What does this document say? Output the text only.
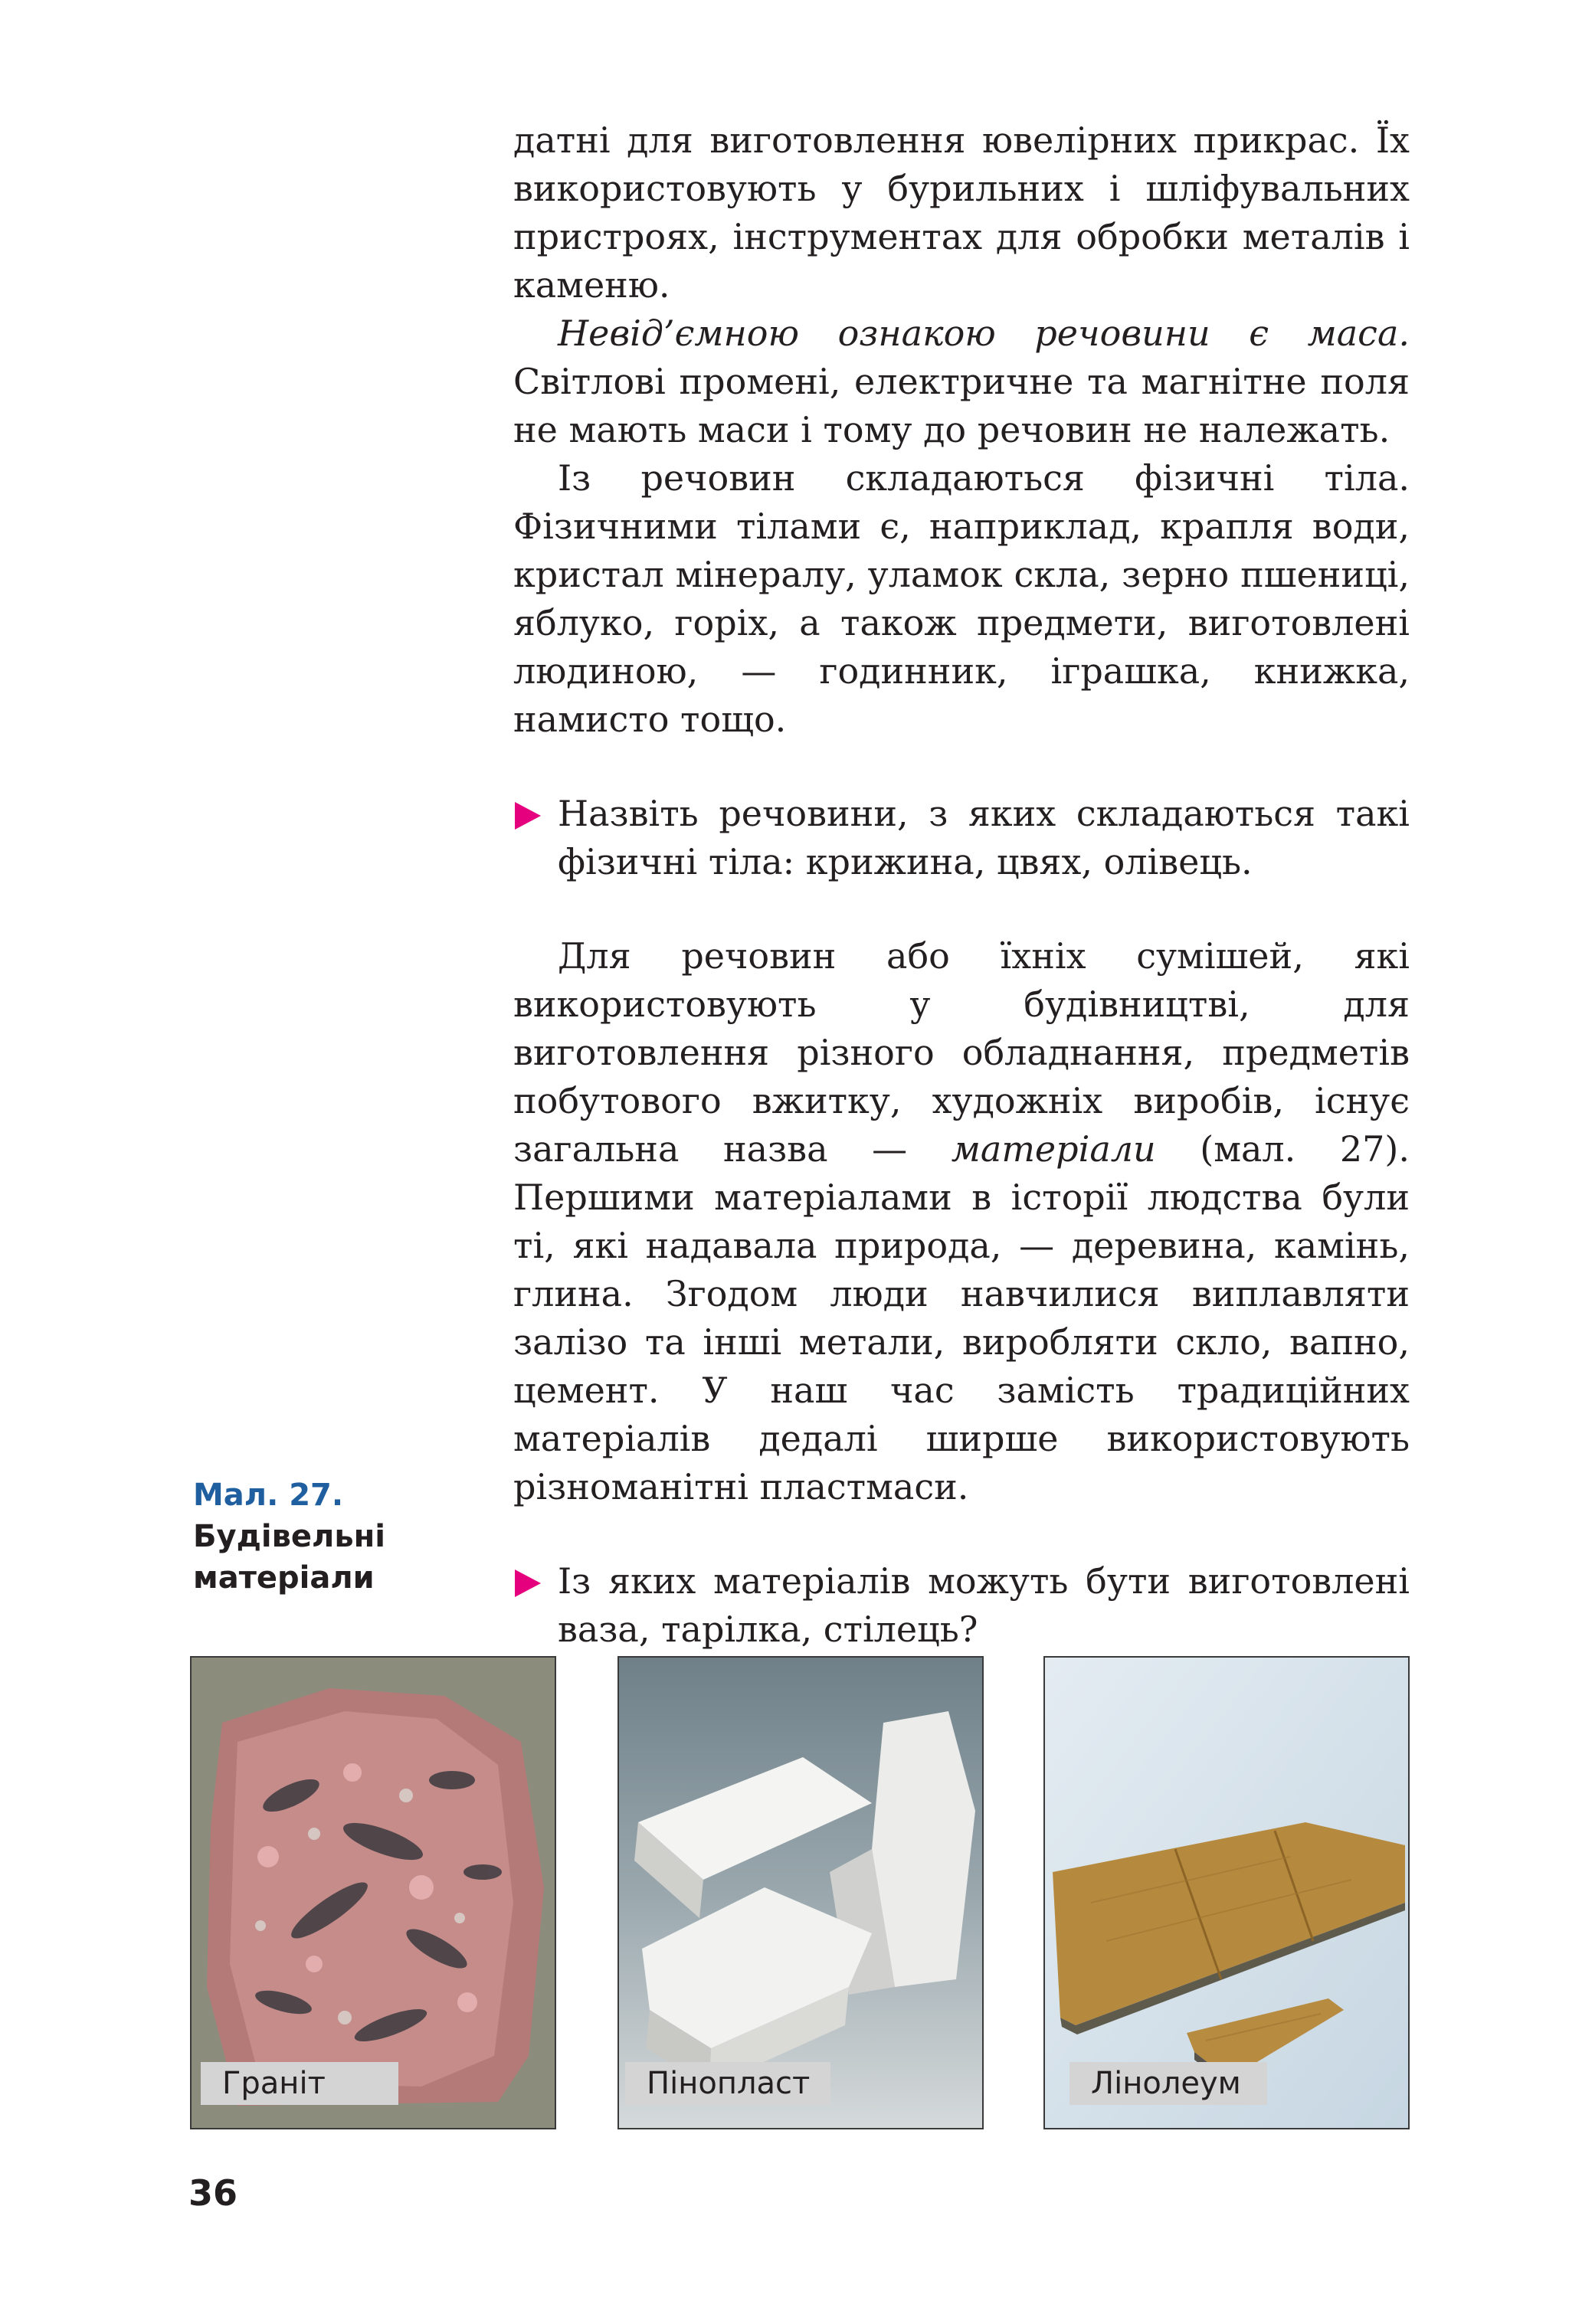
датні для виготовлення ювелірних прикрас. Їх використовують у бурильних і шліфувальних пристроях, інструментах для обробки металів і каменю.

Невід’ємною ознакою речовини є маса. Світлові промені, електричне та магнітне поля не мають маси і тому до речовин не належать.

Із речовин складаються фізичні тіла. Фізичними тілами є, наприклад, крапля води, кристал мінералу, уламок скла, зерно пшениці, яблуко, горіх, а також предмети, виготовлені людиною, — годинник, іграшка, книжка, намисто тощо.

Назвіть речовини, з яких складаються такі фізичні тіла: крижина, цвях, олівець.

Для речовин або їхніх сумішей, які використовують у будівництві, для виготовлення різного обладнання, предметів побутового вжитку, художніх виробів, існує загальна назва — матеріали (мал. 27). Першими матеріалами в історії людства були ті, які надавала природа, — деревина, камінь, глина. Згодом люди навчилися виплавляти залізо та інші метали, виробляти скло, вапно, цемент. У наш час замість традиційних матеріалів дедалі ширше використовують різноманітні пластмаси.

Із яких матеріалів можуть бути виготовлені ваза, тарілка, стілець?

Мал. 27.
Будівельні
матеріали
Граніт	Пінопласт	Лінолеум
36
